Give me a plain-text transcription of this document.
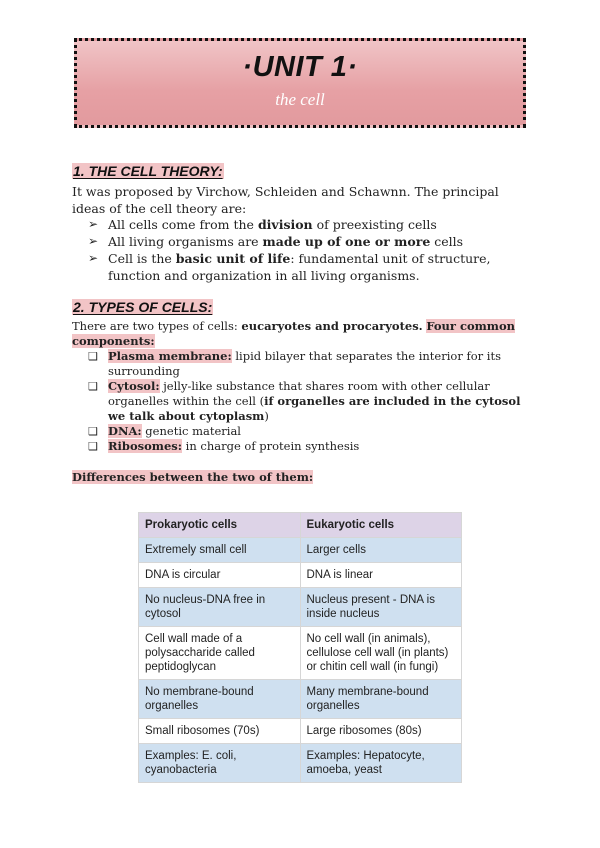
·UNIT 1·
the cell
1. THE CELL THEORY:

It was proposed by Virchow, Schleiden and Schawnn. The principal ideas of the cell theory are:

➢ All cells come from the division of preexisting cells
➢ All living organisms are made up of one or more cells
➢ Cell is the basic unit of life: fundamental unit of structure, function and organization in all living organisms.
2. TYPES OF CELLS:

There are two types of cells: eucaryotes and procaryotes. Four common components:

❑ Plasma membrane: lipid bilayer that separates the interior for its surrounding
❑ Cytosol: jelly-like substance that shares room with other cellular organelles within the cell (if organelles are included in the cytosol we talk about cytoplasm)
❑ DNA: genetic material
❑ Ribosomes: in charge of protein synthesis

Differences between the two of them:

Prokaryotic cells	Eukaryotic cells
Extremely small cell	Larger cells
DNA is circular	DNA is linear
No nucleus-DNA free in cytosol	Nucleus present - DNA is inside nucleus
Cell wall made of a polysaccharide called peptidoglycan	No cell wall (in animals), cellulose cell wall (in plants) or chitin cell wall (in fungi)
No membrane-bound organelles	Many membrane-bound organelles
Small ribosomes (70s)	Large ribosomes (80s)
Examples: E. coli, cyanobacteria	Examples: Hepatocyte, amoeba, yeast
